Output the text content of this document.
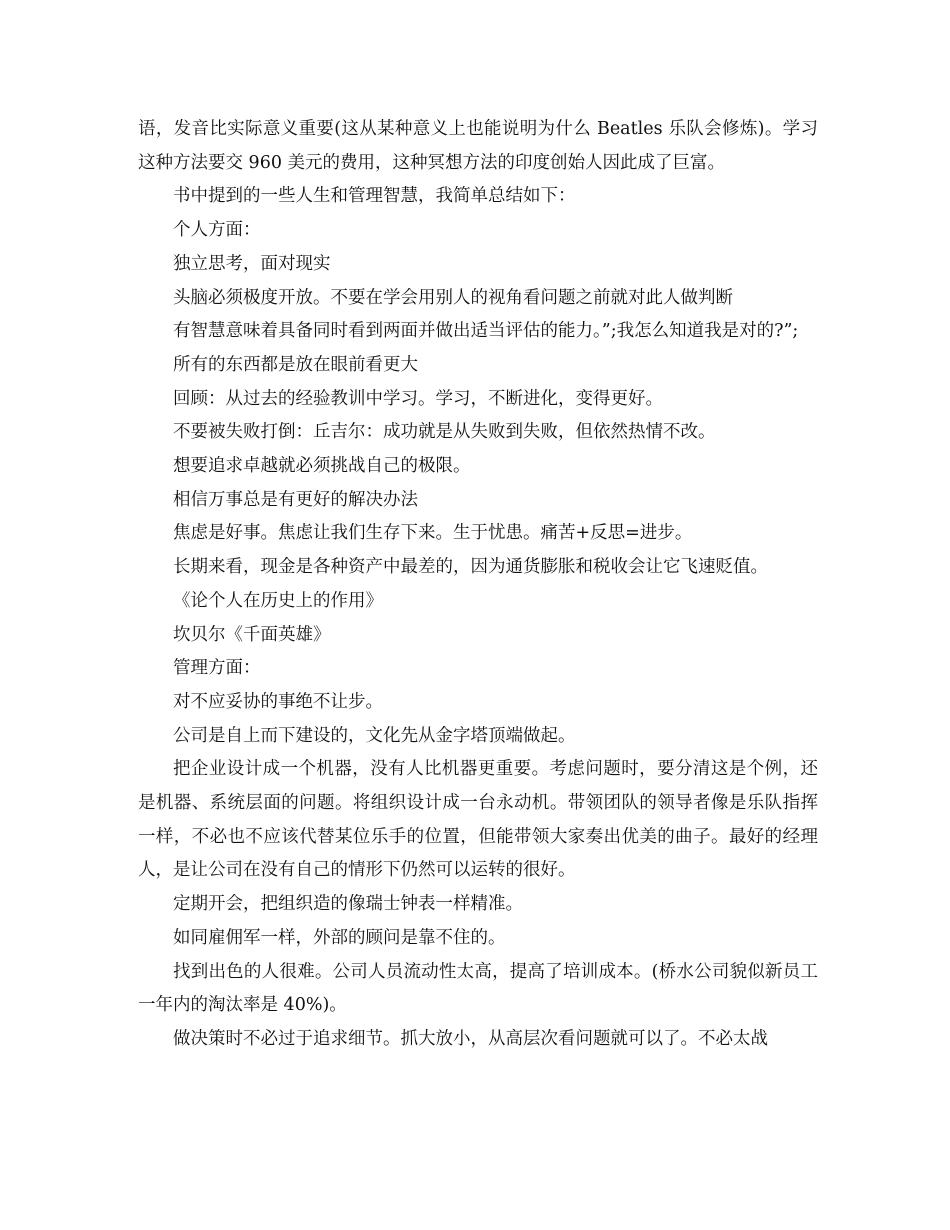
语，发音比实际意义重要(这从某种意义上也能说明为什么 Beatles 乐队会修炼)。学习这种方法要交 960 美元的费用，这种冥想方法的印度创始人因此成了巨富。

书中提到的一些人生和管理智慧，我简单总结如下：

个人方面：

独立思考，面对现实

头脑必须极度开放。不要在学会用别人的视角看问题之前就对此人做判断

有智慧意味着具备同时看到两面并做出适当评估的能力。”;我怎么知道我是对的?”;

所有的东西都是放在眼前看更大

回顾：从过去的经验教训中学习。学习，不断进化，变得更好。

不要被失败打倒：丘吉尔：成功就是从失败到失败，但依然热情不改。

想要追求卓越就必须挑战自己的极限。

相信万事总是有更好的解决办法

焦虑是好事。焦虑让我们生存下来。生于忧患。痛苦+反思=进步。

长期来看，现金是各种资产中最差的，因为通货膨胀和税收会让它飞速贬值。

《论个人在历史上的作用》

坎贝尔《千面英雄》

管理方面：

对不应妥协的事绝不让步。

公司是自上而下建设的，文化先从金字塔顶端做起。

把企业设计成一个机器，没有人比机器更重要。考虑问题时，要分清这是个例，还是机器、系统层面的问题。将组织设计成一台永动机。带领团队的领导者像是乐队指挥一样，不必也不应该代替某位乐手的位置，但能带领大家奏出优美的曲子。最好的经理人，是让公司在没有自己的情形下仍然可以运转的很好。

定期开会，把组织造的像瑞士钟表一样精准。

如同雇佣军一样，外部的顾问是靠不住的。

找到出色的人很难。公司人员流动性太高，提高了培训成本。(桥水公司貌似新员工一年内的淘汰率是 40%)。

做决策时不必过于追求细节。抓大放小，从高层次看问题就可以了。不必太战
